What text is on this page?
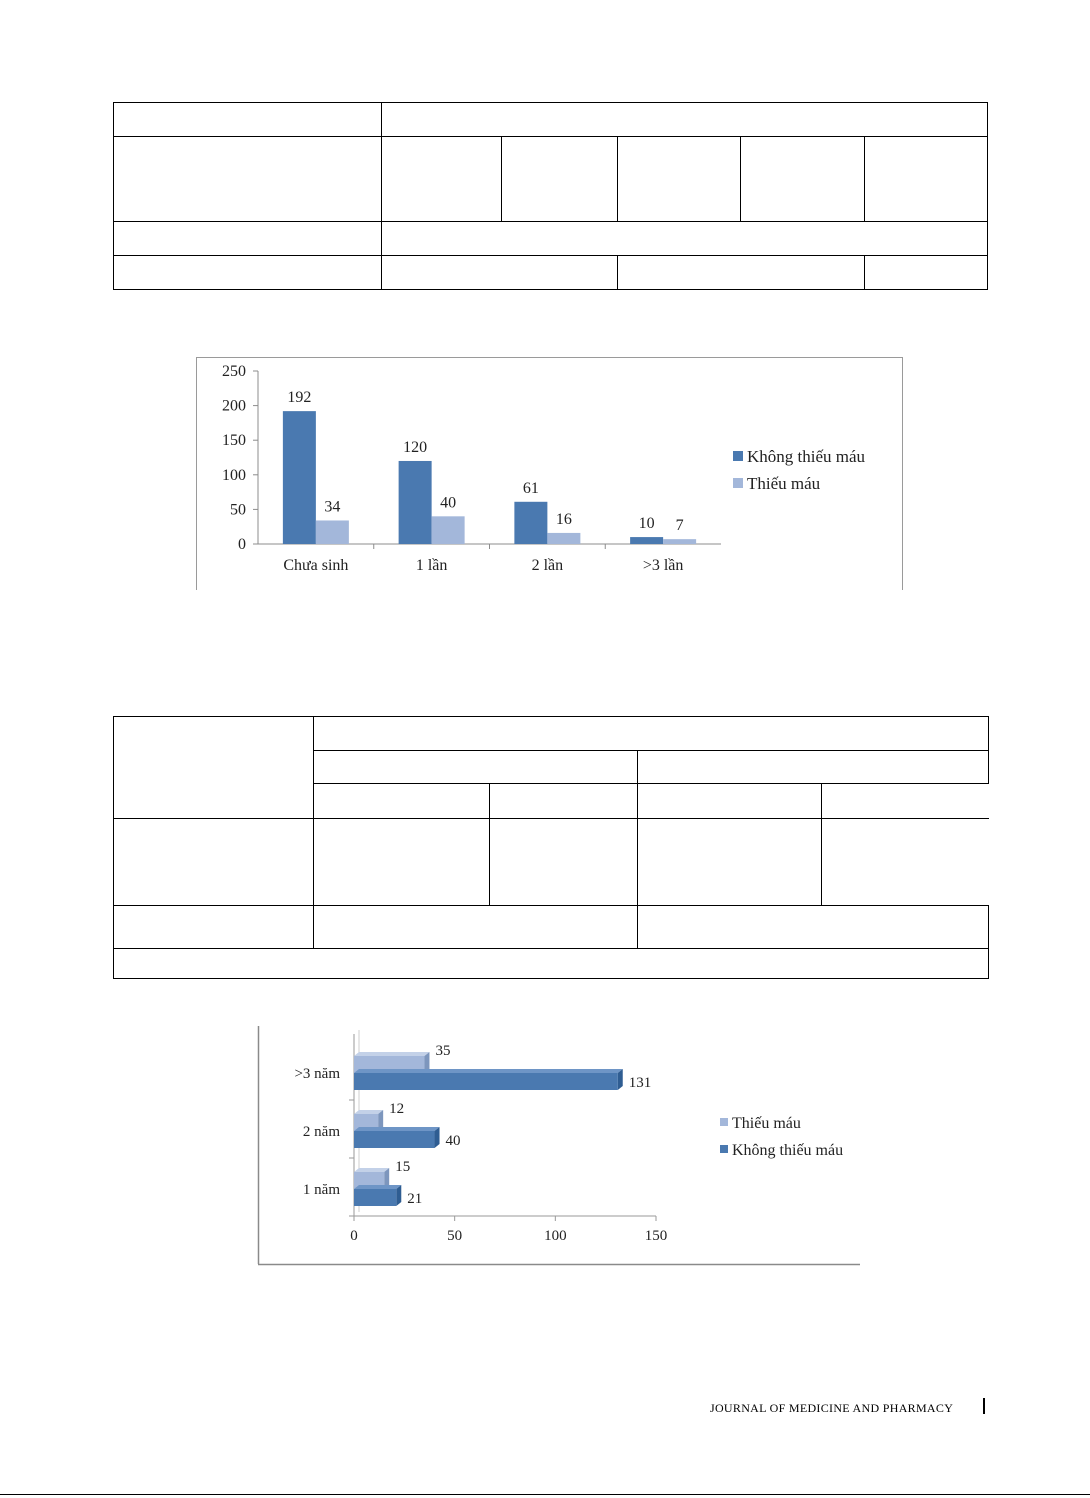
0
50
100
150
200
250
192
34
Chưa sinh
120
40
1 lần
61
16
2 lần
10 7
>3 lần
Không thiếu máu
Thiếu máu

0	50	100	150
1 năm
15
21
2 năm
12
40
>3 năm
35
131
Thiếu máu
Không thiếu máu
JOURNAL OF MEDICINE AND PHARMACY
